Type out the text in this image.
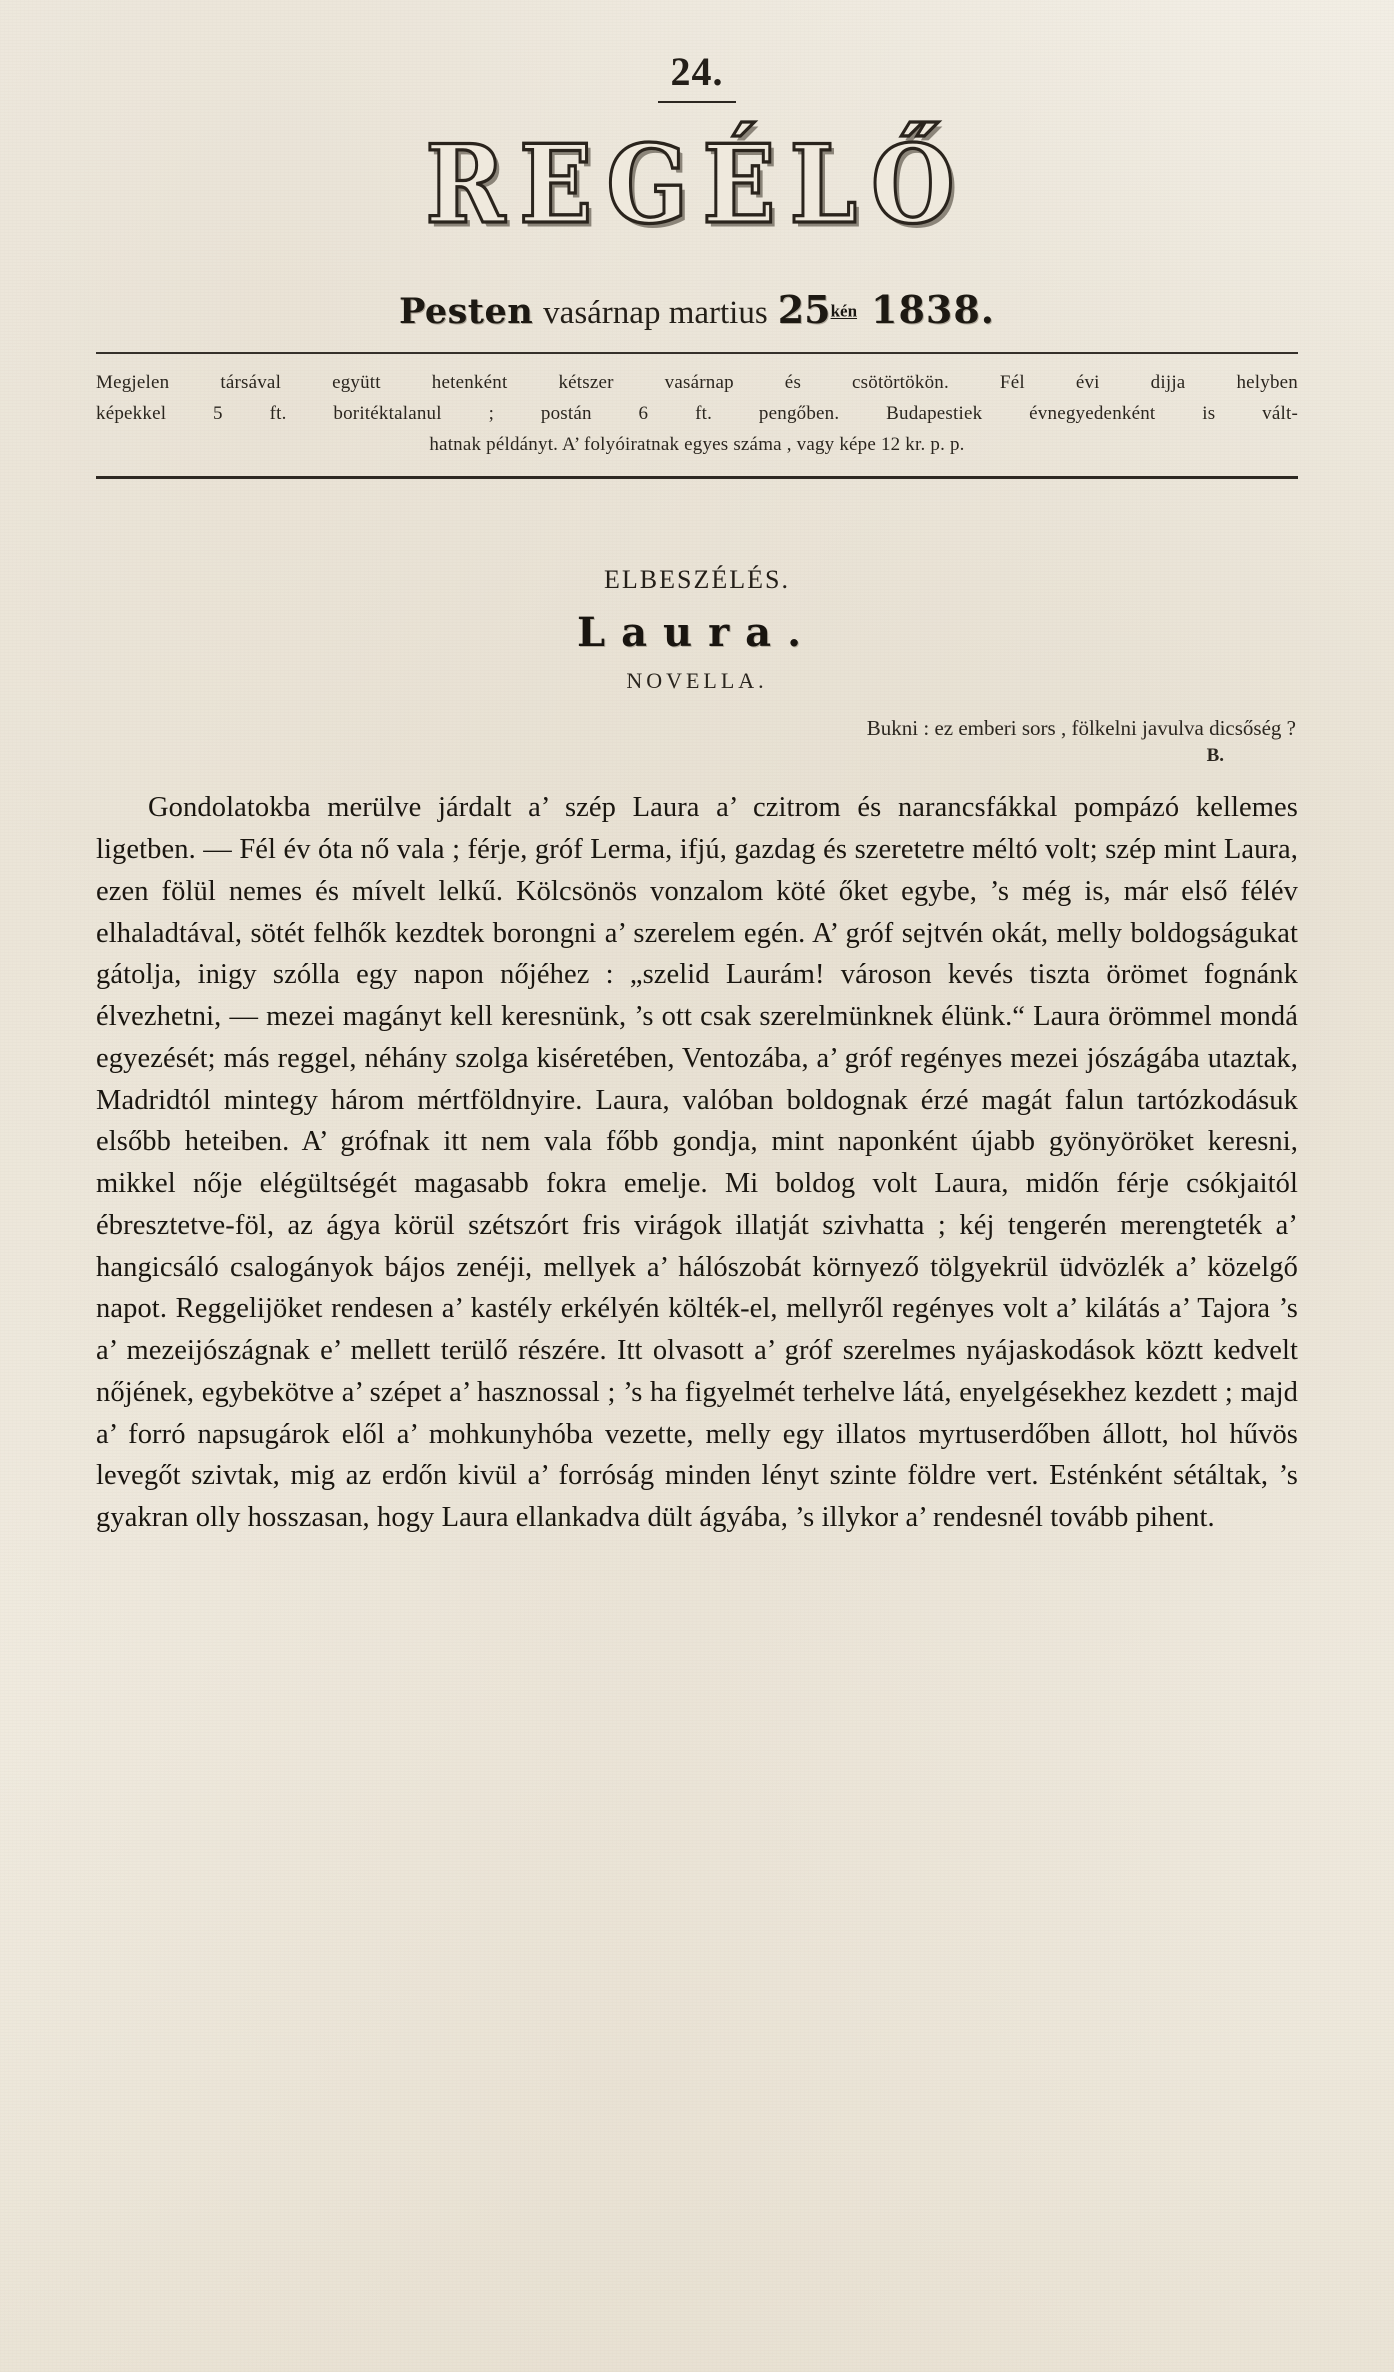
24.
REGÉLŐ
Pesten vasárnap martius 25kén 1838.
Megjelen társával együtt hetenként kétszer vasárnap és csötörtökön. Fél évi dijja helyben
képekkel 5 ft. boritéktalanul ; postán 6 ft. pengőben. Budapestiek évnegyedenként is vált-
hatnak példányt. A’ folyóiratnak egyes száma , vagy képe 12 kr. p. p.
ELBESZÉLÉS.
Laura.
NOVELLA.
Bukni : ez emberi sors , fölkelni javulva dicsőség ?
B.
Gondolatokba merülve járdalt a’ szép Laura a’ czitrom és narancsfákkal pompázó kellemes ligetben. — Fél év óta nő vala ; férje, gróf Lerma, ifjú, gazdag és szeretetre méltó volt; szép mint Laura, ezen fölül nemes és mívelt lelkű. Kölcsönös vonzalom köté őket egybe, ’s még is, már első félév elhaladtával, sötét felhők kezdtek borongni a’ szerelem egén. A’ gróf sejtvén okát, melly boldogságukat gátolja, inigy szólla egy napon nőjéhez : „szelid Laurám! városon kevés tiszta örömet fognánk élvezhetni, — mezei magányt kell keresnünk, ’s ott csak szerelmünknek élünk.“ Laura örömmel mondá egyezését; más reggel, néhány szolga kiséretében, Ventozába, a’ gróf regényes mezei jószágába utaztak, Madridtól mintegy három mértföldnyire. Laura, valóban boldognak érzé magát falun tartózkodásuk elsőbb heteiben. A’ grófnak itt nem vala főbb gondja, mint naponként újabb gyönyöröket keresni, mikkel nője elégültségét magasabb fokra emelje. Mi boldog volt Laura, midőn férje csókjaitól ébresztetve-föl, az ágya körül szétszórt fris virágok illatját szivhatta ; kéj tengerén merengteték a’ hangicsáló csalogányok bájos zenéji, mellyek a’ hálószobát környező tölgyekrül üdvözlék a’ közelgő napot. Reggelijöket rendesen a’ kastély erkélyén költék-el, mellyről regényes volt a’ kilátás a’ Tajora ’s a’ mezeijószágnak e’ mellett terülő részére. Itt olvasott a’ gróf szerelmes nyájaskodások köztt kedvelt nőjének, egybekötve a’ szépet a’ hasznossal ; ’s ha figyelmét terhelve látá, enyelgésekhez kezdett ; majd a’ forró napsugárok elől a’ mohkunyhóba vezette, melly egy illatos myrtuserdőben állott, hol hűvös levegőt szivtak, mig az erdőn kivül a’ forróság minden lényt szinte földre vert. Esténként sétáltak, ’s gyakran olly hosszasan, hogy Laura ellankadva dült ágyába, ’s illykor a’ rendesnél tovább pihent.
